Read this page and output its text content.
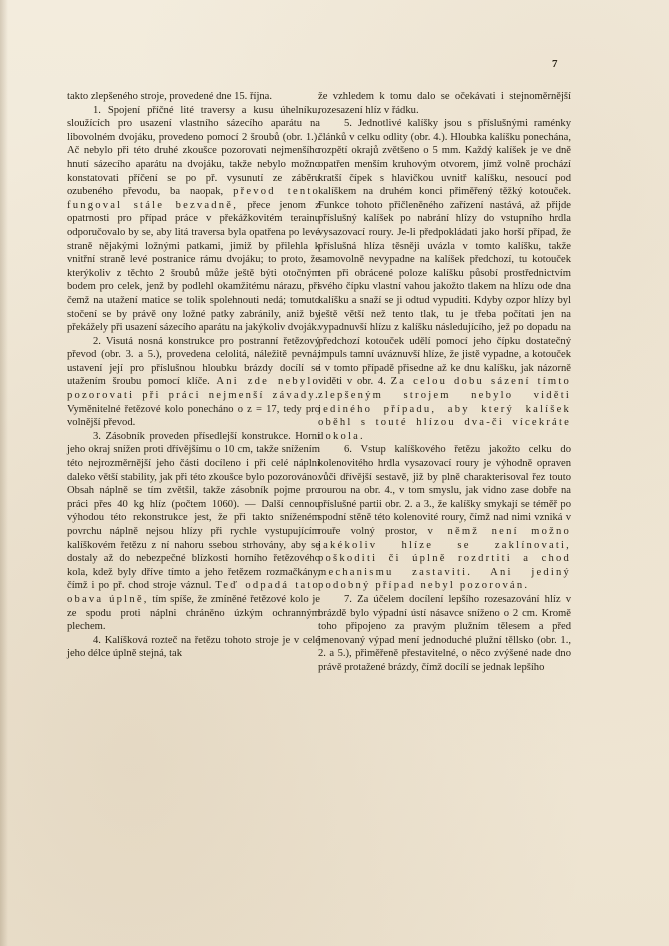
7

takto zlepšeného stroje, provedené dne 15. října.

1. Spojení příčné lité traversy a kusu úhelníku, sloužících pro usazení vlastního sázecího aparátu na libovolném dvojáku, provedeno pomocí 2 šroubů (obr. 1.). Ač nebylo při této druhé zkoušce pozorovati nejmenšího hnutí sázecího aparátu na dvojáku, takže nebylo možno konstatovati příčení se po př. vysunutí ze záběru ozubeného převodu, ba naopak, převod tento fungoval stále bezvadně, přece jenom z opatrnosti pro případ práce v překážkovitém terainu odporučovalo by se, aby litá traversa byla opatřena po levé straně nějakými ložnými patkami, jimiž by přilehla k vnitřní straně levé postranice rámu dvojáku; to proto, že kterýkoliv z těchto 2 šroubů může ještě býti otočným bodem pro celek, jenž by podlehl okamžitému nárazu, při čemž na utažení matice se tolik spolehnouti nedá; tomuto stočení se by právě ony ložné patky zabránily, aniž by překážely při usazení sázecího aparátu na jakýkoliv dvoják.

2. Visutá nosná konstrukce pro postranní řetězový převod (obr. 3. a 5.), provedena celolitá, náležitě pevná; ustavení její pro příslušnou hloubku brázdy docílí se utažením šroubu pomocí klíče. Ani zde nebylo pozorovati při práci nejmenší závady. Vyměnitelné řetězové kolo ponecháno o z = 17, tedy pro volnější převod.

3. Zásobník proveden přísedlejší konstrukce. Horní jeho okraj snížen proti dřívějšímu o 10 cm, takže snížením této nejrozměrnější jeho části docíleno i při celé náplni daleko větší stability, jak při této zkoušce bylo pozorováno. Obsah náplně se tím zvětšil, takže zásobník pojme pro práci přes 40 kg hlíz (počtem 1060). — Další cennou výhodou této rekonstrukce jest, že při takto sníženém povrchu náplně nejsou hlízy při rychle vystupujícím kalíškovém řetězu z ní nahoru ssebou strhovány, aby se dostaly až do nebezpečné blízkosti horního řetězového kola, kdež byly dříve tímto a jeho řetězem rozmačkány, čímž i po př. chod stroje váznul. Teď odpadá tato obava úplně, tím spíše, že zmíněné řetězové kolo je ze spodu proti náplni chráněno úzkým ochranným plechem.

4. Kalíšková rozteč na řetězu tohoto stroje je v celé jeho délce úplně stejná, tak

že vzhledem k tomu dalo se očekávati i stejnoměrnější rozesazení hlíz v řádku.

5. Jednotlivé kalíšky jsou s příslušnými raménky článků v celku odlity (obr. 4.). Hloubka kalíšku ponechána, rozpětí okrajů zvětšeno o 5 mm. Každý kalíšek je ve dně opatřen menším kruhovým otvorem, jímž volně prochází kratší čípek s hlavičkou uvnitř kalíšku, nesoucí pod kalíškem na druhém konci přiměřený těžký kotouček. Funkce tohoto přičleněného zařízení nastává, až přijde příslušný kalíšek po nabrání hlízy do vstupního hrdla vysazovací roury. Je-li předpokládati jako horší případ, že příslušná hlíza těsněji uvázla v tomto kalíšku, takže samovolně nevypadne na kalíšek předchozí, tu kotouček ten při obrácené poloze kalíšku působí prostřednictvím svého čípku vlastní vahou jakožto tlakem na hlízu ode dna kalíšku a snaží se ji odtud vypuditi. Kdyby ozpor hlízy byl ještě větší než tento tlak, tu je třeba počítati jen na vypadnuvší hlízu z kalíšku následujícího, jež po dopadu na předchozí kotouček udělí pomocí jeho čípku dostatečný impuls tamní uváznuvší hlíze, že jistě vypadne, a kotouček i v tomto případě přisedne až ke dnu kalíšku, jak názorně viděti v obr. 4. Za celou dobu sázení tímto zlepšeným strojem nebylo viděti jediného případu, aby který kalíšek oběhl s touté hlízou dva-či vícekráte dokola.

6. Vstup kalíškového řetězu jakožto celku do kolenovitého hrdla vysazovací roury je výhodně opraven vůči dřívější sestavě, již by plně charakterisoval řez touto rourou na obr. 4., v tom smyslu, jak vidno zase dobře na příslušné partii obr. 2. a 3., že kalíšky smykají se téměř po spodní stěně této kolenovité roury, čímž nad nimi vzniká v rouře volný prostor, v němž není možno jakékoliv hlíze se zaklínovati, poškoditi či úplně rozdrtiti a chod mechanismu zastaviti. Ani jediný podobný případ nebyl pozorován.

7. Za účelem docílení lepšího rozesazování hlíz v brázdě bylo výpadní ústí násavce sníženo o 2 cm. Kromě toho připojeno za pravým plužním tělesem a před jmenovaný výpad mení jednoduché plužní těllsko (obr. 1., 2. a 5.), přiměřeně přestavitelné, o něco zvýšené nade dno právě protažené brázdy, čímž docílí se jednak lepšího
